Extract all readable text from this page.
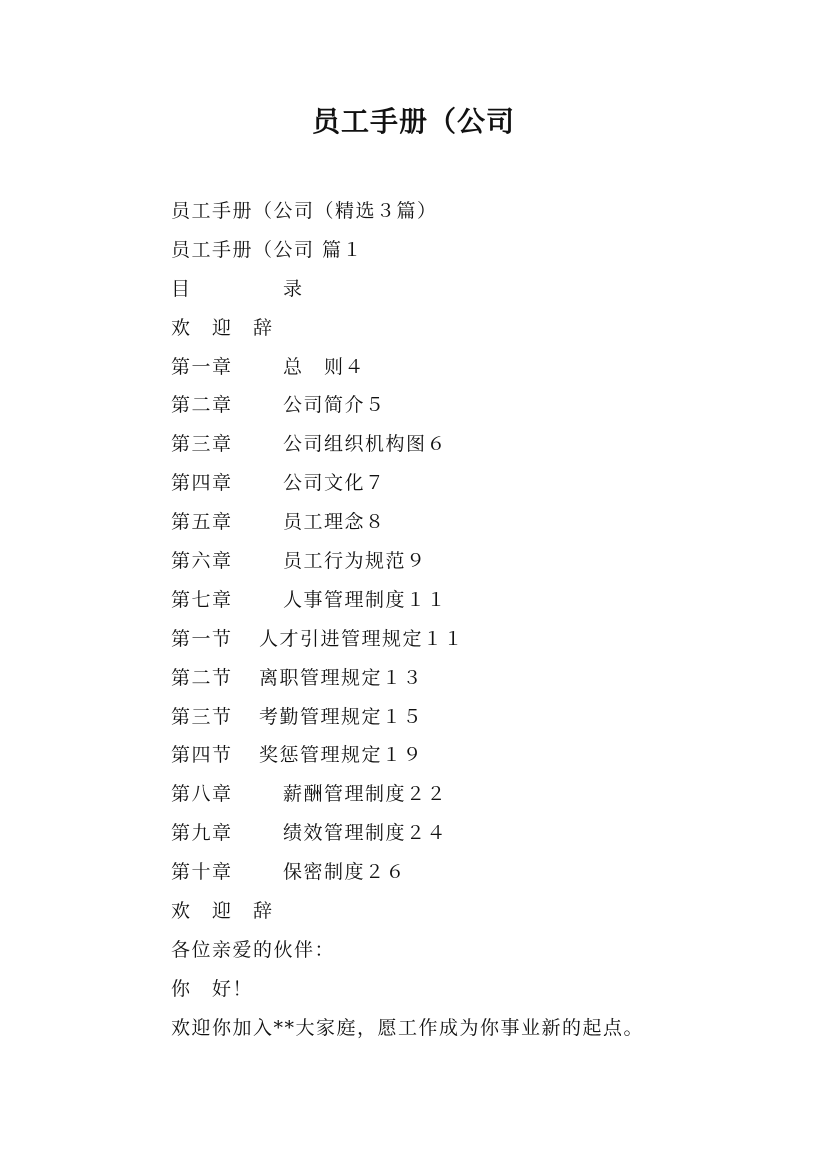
员工手册（公司
员工手册（公司（精选３篇）
员工手册（公司 篇１
目	录
欢　迎　辞
第一章	总　则４
第二章	公司简介５
第三章	公司组织机构图６
第四章	公司文化７
第五章	员工理念８
第六章	员工行为规范９
第七章	人事管理制度１１
第一节 人才引进管理规定１１
第二节 离职管理规定１３
第三节 考勤管理规定１５
第四节 奖惩管理规定１９
第八章	薪酬管理制度２２
第九章	绩效管理制度２４
第十章	保密制度２６
欢　迎　辞
各位亲爱的伙伴：
你　好！
欢迎你加入**大家庭，愿工作成为你事业新的起点。
